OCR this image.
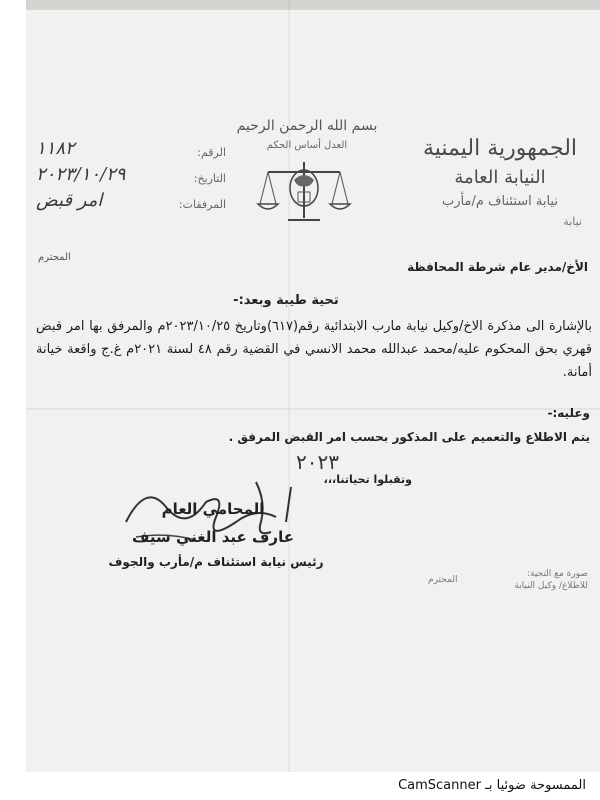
الجمهورية اليمنية
النيابة العامة
نيابة استئناف م/مأرب
نيابة
بسم الله الرحمن الرحيم
العدل أساس الحكم
الرقم:
١١٨٢
التاريخ:
٢٠٢٣/١٠/٢٩
المرفقات:
امر قبض
المحترم
الأخ/مدير عام شرطة المحافظة
تحية طيبة وبعد:-
بالإشارة الى مذكرة الاخ/وكيل نيابة مارب الابتدائية رقم(٦١٧)وتاريخ ٢٠٢٣/١٠/٢٥م والمرفق بها امر قبض قهري بحق المحكوم عليه/محمد عبدالله محمد الانسي في القضية رقم ٤٨ لسنة ٢٠٢١م غ.ج واقعة خيانة أمانة.
وعليه:-
يتم الاطلاع والتعميم على المذكور بحسب امر القبض المرفق .
وتقبلوا تحياتنا،،،
٢٠٢٣
المحامي العام
عارف عبد الغني سيف
رئيس نيابة استئناف م/مأرب والجوف
المحترم
صورة مع التحية:
للاطلاع/ وكيل النيابة
الممسوحة ضوئيا بـ CamScanner
